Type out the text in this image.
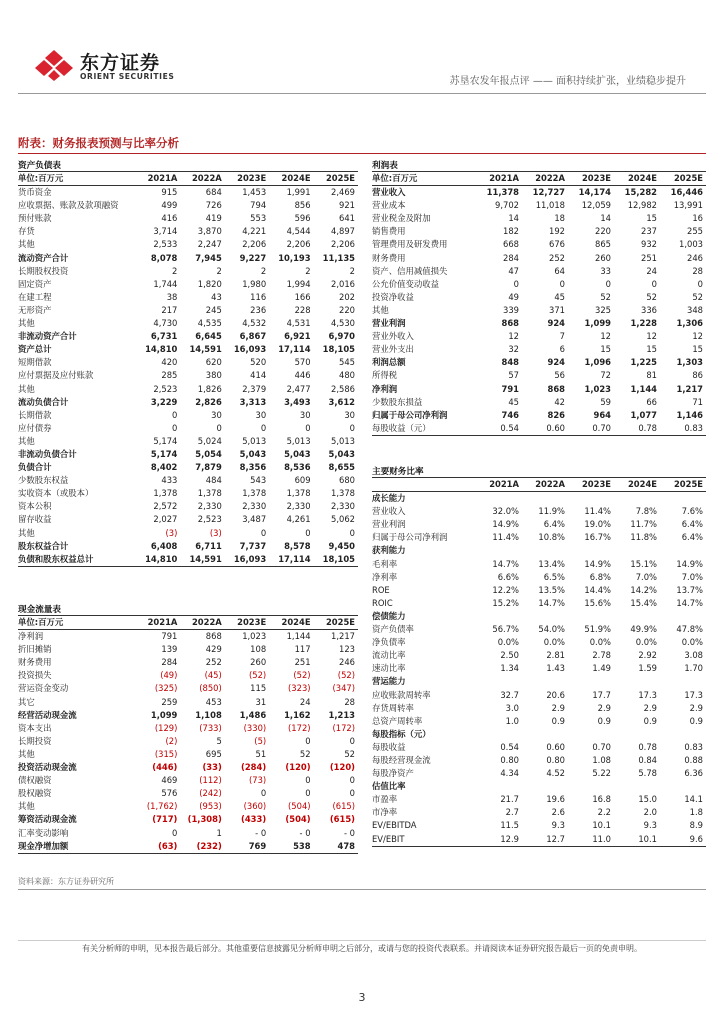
东方证券
ORIENT SECURITIES	苏垦农发年报点评 —— 面积持续扩张，业绩稳步提升
附表：财务报表预测与比率分析
资产负债表
单位:百万元	2021A	2022A	2023E	2024E	2025E
货币资金	915	684	1,453	1,991	2,469
应收票据、账款及款项融资	499	726	794	856	921
预付账款	416	419	553	596	641
存货	3,714	3,870	4,221	4,544	4,897
其他	2,533	2,247	2,206	2,206	2,206
流动资产合计	8,078	7,945	9,227	10,193	11,135
长期股权投资	2	2	2	2	2
固定资产	1,744	1,820	1,980	1,994	2,016
在建工程	38	43	116	166	202
无形资产	217	245	236	228	220
其他	4,730	4,535	4,532	4,531	4,530
非流动资产合计	6,731	6,645	6,867	6,921	6,970
资产总计	14,810	14,591	16,093	17,114	18,105
短期借款	420	620	520	570	545
应付票据及应付账款	285	380	414	446	480
其他	2,523	1,826	2,379	2,477	2,586
流动负债合计	3,229	2,826	3,313	3,493	3,612
长期借款	0	30	30	30	30
应付债券	0	0	0	0	0
其他	5,174	5,024	5,013	5,013	5,013
非流动负债合计	5,174	5,054	5,043	5,043	5,043
负债合计	8,402	7,879	8,356	8,536	8,655
少数股东权益	433	484	543	609	680
实收资本（或股本）	1,378	1,378	1,378	1,378	1,378
资本公积	2,572	2,330	2,330	2,330	2,330
留存收益	2,027	2,523	3,487	4,261	5,062
其他	(3)	(3)	0	0	0
股东权益合计	6,408	6,711	7,737	8,578	9,450
负债和股东权益总计	14,810	14,591	16,093	17,114	18,105
现金流量表
单位:百万元	2021A	2022A	2023E	2024E	2025E
净利润	791	868	1,023	1,144	1,217
折旧摊销	139	429	108	117	123
财务费用	284	252	260	251	246
投资损失	(49)	(45)	(52)	(52)	(52)
营运资金变动	(325)	(850)	115	(323)	(347)
其它	259	453	31	24	28
经营活动现金流	1,099	1,108	1,486	1,162	1,213
资本支出	(129)	(733)	(330)	(172)	(172)
长期投资	(2)	5	(5)	0	0
其他	(315)	695	51	52	52
投资活动现金流	(446)	(33)	(284)	(120)	(120)
债权融资	469	(112)	(73)	0	0
股权融资	576	(242)	0	0	0
其他	(1,762)	(953)	(360)	(504)	(615)
筹资活动现金流	(717)	(1,308)	(433)	(504)	(615)
汇率变动影响	0	1	- 0	- 0	- 0
现金净增加额	(63)	(232)	769	538	478
利润表
单位:百万元	2021A	2022A	2023E	2024E	2025E
营业收入	11,378	12,727	14,174	15,282	16,446
营业成本	9,702	11,018	12,059	12,982	13,991
营业税金及附加	14	18	14	15	16
销售费用	182	192	220	237	255
管理费用及研发费用	668	676	865	932	1,003
财务费用	284	252	260	251	246
资产、信用减值损失	47	64	33	24	28
公允价值变动收益	0	0	0	0	0
投资净收益	49	45	52	52	52
其他	339	371	325	336	348
营业利润	868	924	1,099	1,228	1,306
营业外收入	12	7	12	12	12
营业外支出	32	6	15	15	15
利润总额	848	924	1,096	1,225	1,303
所得税	57	56	72	81	86
净利润	791	868	1,023	1,144	1,217
少数股东损益	45	42	59	66	71
归属于母公司净利润	746	826	964	1,077	1,146
每股收益（元）	0.54	0.60	0.70	0.78	0.83
主要财务比率
	2021A	2022A	2023E	2024E	2025E
成长能力					
营业收入	32.0%	11.9%	11.4%	7.8%	7.6%
营业利润	14.9%	6.4%	19.0%	11.7%	6.4%
归属于母公司净利润	11.4%	10.8%	16.7%	11.8%	6.4%
获利能力					
毛利率	14.7%	13.4%	14.9%	15.1%	14.9%
净利率	6.6%	6.5%	6.8%	7.0%	7.0%
ROE	12.2%	13.5%	14.4%	14.2%	13.7%
ROIC	15.2%	14.7%	15.6%	15.4%	14.7%
偿债能力					
资产负债率	56.7%	54.0%	51.9%	49.9%	47.8%
净负债率	0.0%	0.0%	0.0%	0.0%	0.0%
流动比率	2.50	2.81	2.78	2.92	3.08
速动比率	1.34	1.43	1.49	1.59	1.70
营运能力					
应收账款周转率	32.7	20.6	17.7	17.3	17.3
存货周转率	3.0	2.9	2.9	2.9	2.9
总资产周转率	1.0	0.9	0.9	0.9	0.9
每股指标（元）					
每股收益	0.54	0.60	0.70	0.78	0.83
每股经营现金流	0.80	0.80	1.08	0.84	0.88
每股净资产	4.34	4.52	5.22	5.78	6.36
估值比率					
市盈率	21.7	19.6	16.8	15.0	14.1
市净率	2.7	2.6	2.2	2.0	1.8
EV/EBITDA	11.5	9.3	10.1	9.3	8.9
EV/EBIT	12.9	12.7	11.0	10.1	9.6
资料来源：东方证券研究所
有关分析师的申明，见本报告最后部分。其他重要信息披露见分析师申明之后部分，或请与您的投资代表联系。并请阅读本证券研究报告最后一页的免责申明。
3
